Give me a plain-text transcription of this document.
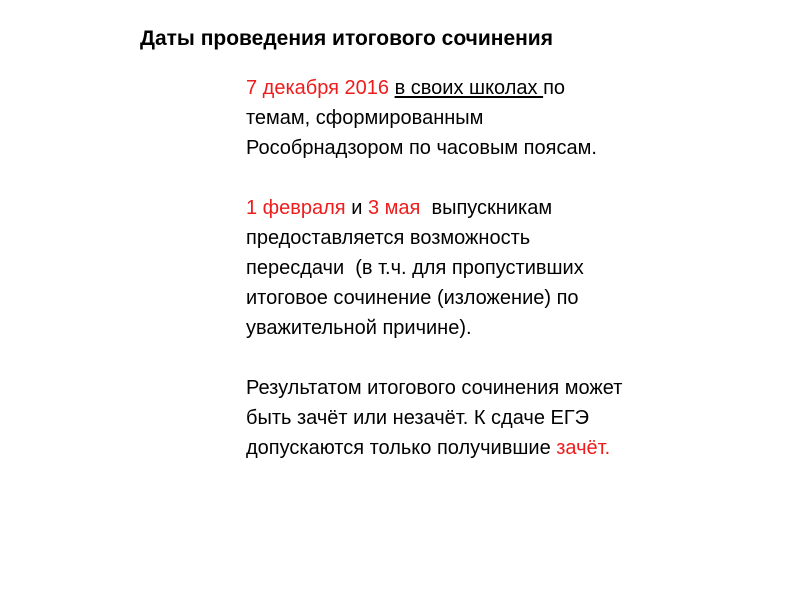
Даты проведения итогового сочинения
7 декабря 2016 в своих школах по
темам, сформированным
Рособрнадзором по часовым поясам.
1 февраля и 3 мая  выпускникам
предоставляется возможность
пересдачи  (в т.ч. для пропустивших
итоговое сочинение (изложение) по
уважительной причине).
Результатом итогового сочинения может
быть зачёт или незачёт. К сдаче ЕГЭ
допускаются только получившие зачёт.
